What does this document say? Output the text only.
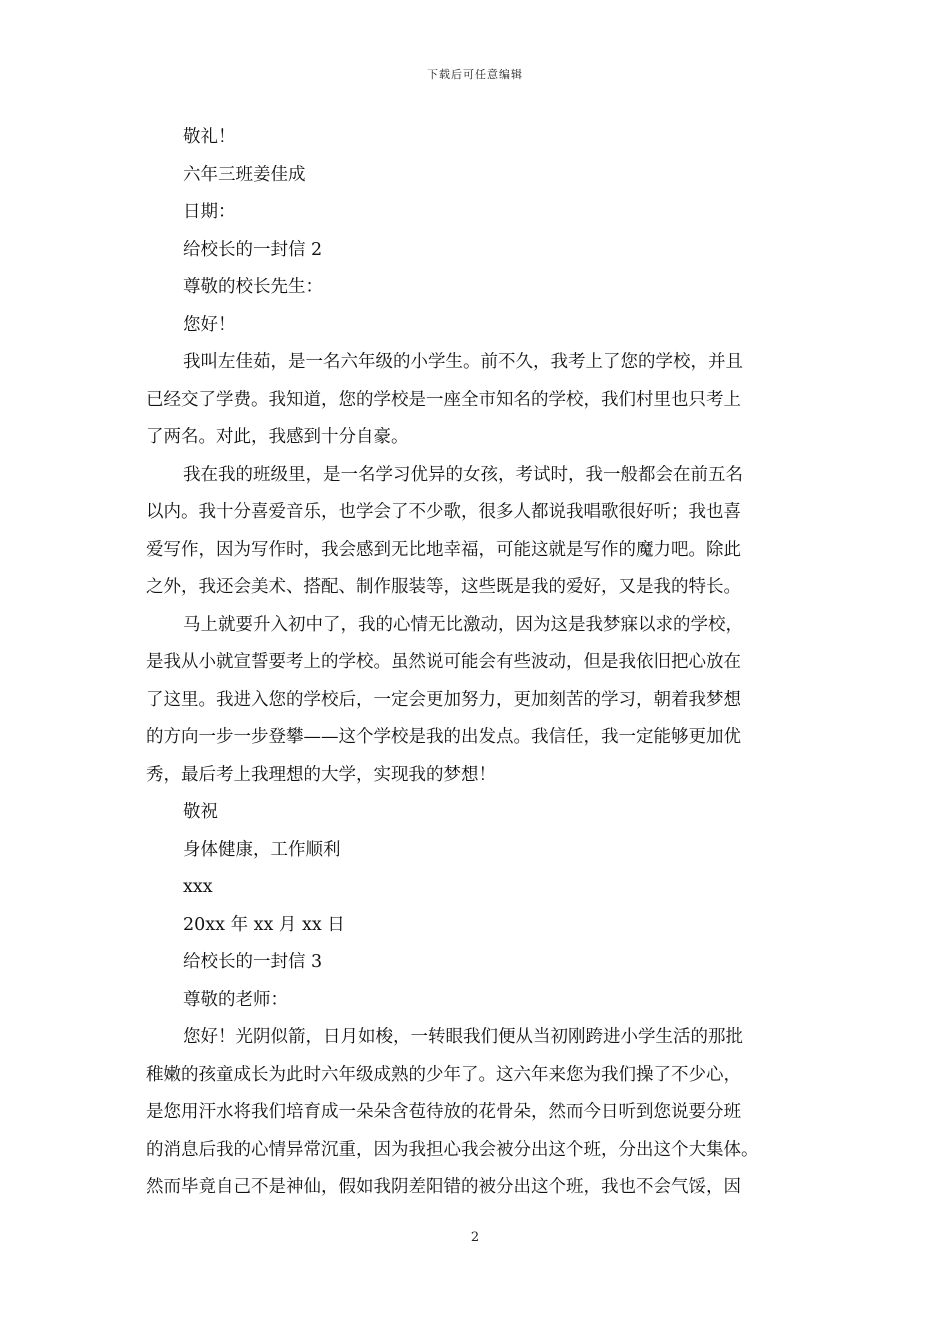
下载后可任意编辑
敬礼！
六年三班姜佳成
日期：
给校长的一封信 2
尊敬的校长先生：
您好！
我叫左佳茹，是一名六年级的小学生。前不久，我考上了您的学校，并且
已经交了学费。我知道，您的学校是一座全市知名的学校，我们村里也只考上
了两名。对此，我感到十分自豪。
我在我的班级里，是一名学习优异的女孩，考试时，我一般都会在前五名
以内。我十分喜爱音乐，也学会了不少歌，很多人都说我唱歌很好听；我也喜
爱写作，因为写作时，我会感到无比地幸福，可能这就是写作的魔力吧。除此
之外，我还会美术、搭配、制作服装等，这些既是我的爱好，又是我的特长。
马上就要升入初中了，我的心情无比激动，因为这是我梦寐以求的学校，
是我从小就宣誓要考上的学校。虽然说可能会有些波动，但是我依旧把心放在
了这里。我进入您的学校后，一定会更加努力，更加刻苦的学习，朝着我梦想
的方向一步一步登攀——这个学校是我的出发点。我信任，我一定能够更加优
秀，最后考上我理想的大学，实现我的梦想！
敬祝
身体健康，工作顺利
xxx
20xx 年 xx 月 xx 日
给校长的一封信 3
尊敬的老师：
您好！光阴似箭，日月如梭，一转眼我们便从当初刚跨进小学生活的那批
稚嫩的孩童成长为此时六年级成熟的少年了。这六年来您为我们操了不少心，
是您用汗水将我们培育成一朵朵含苞待放的花骨朵，然而今日听到您说要分班
的消息后我的心情异常沉重，因为我担心我会被分出这个班，分出这个大集体。
然而毕竟自己不是神仙，假如我阴差阳错的被分出这个班，我也不会气馁，因
2
